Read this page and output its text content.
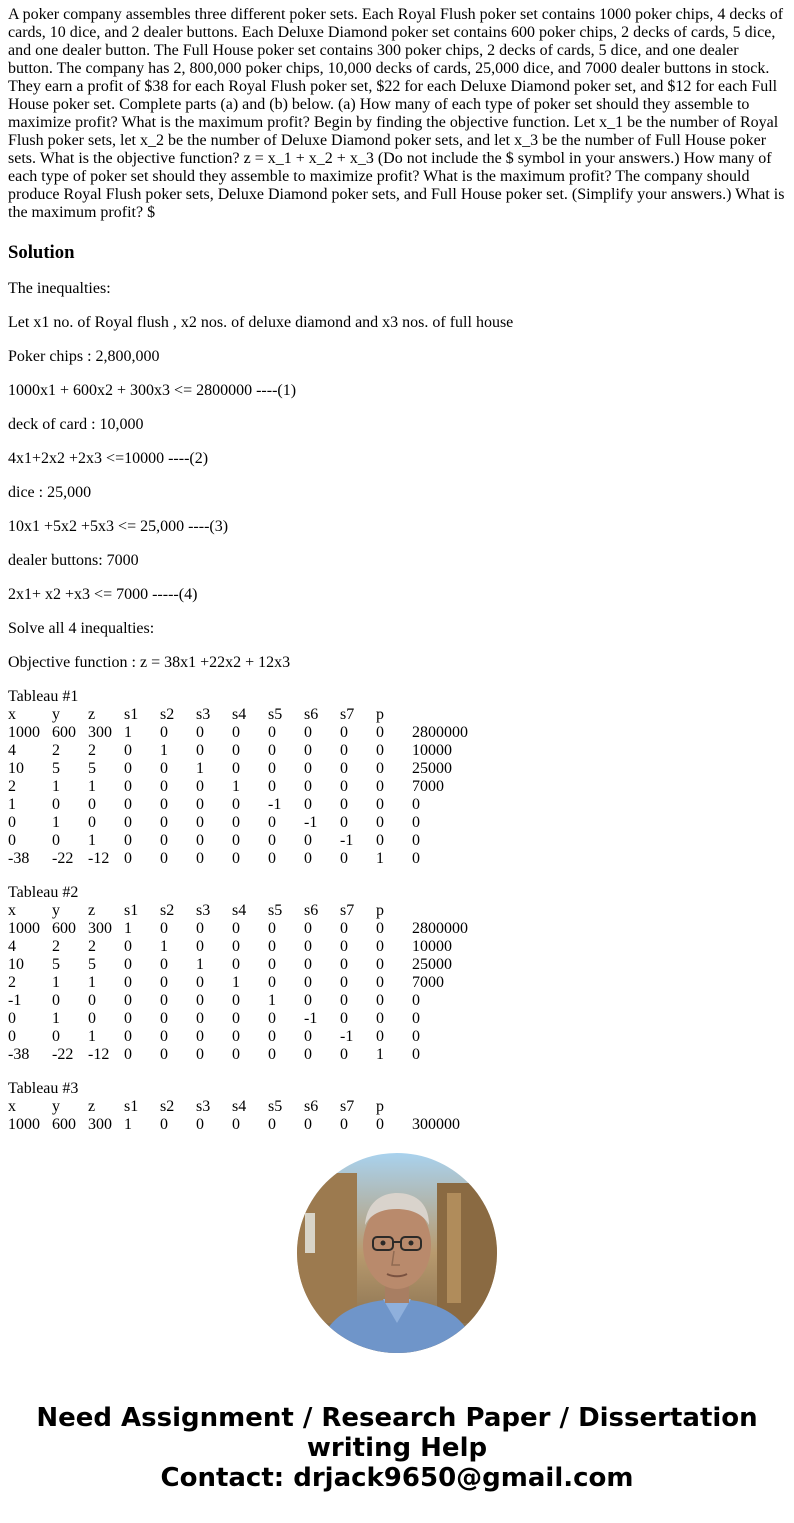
A poker company assembles three different poker sets. Each Royal Flush poker set contains 1000 poker chips, 4 decks of cards, 10 dice, and 2 dealer buttons. Each Deluxe Diamond poker set contains 600 poker chips, 2 decks of cards, 5 dice, and one dealer button. The Full House poker set contains 300 poker chips, 2 decks of cards, 5 dice, and one dealer button. The company has 2, 800,000 poker chips, 10,000 decks of cards, 25,000 dice, and 7000 dealer buttons in stock. They earn a profit of $38 for each Royal Flush poker set, $22 for each Deluxe Diamond poker set, and $12 for each Full House poker set. Complete parts (a) and (b) below. (a) How many of each type of poker set should they assemble to maximize profit? What is the maximum profit? Begin by finding the objective function. Let x_1 be the number of Royal Flush poker sets, let x_2 be the number of Deluxe Diamond poker sets, and let x_3 be the number of Full House poker sets. What is the objective function? z = x_1 + x_2 + x_3 (Do not include the $ symbol in your answers.) How many of each type of poker set should they assemble to maximize profit? What is the maximum profit? The company should produce Royal Flush poker sets, Deluxe Diamond poker sets, and Full House poker set. (Simplify your answers.) What is the maximum profit? $

Solution

The inequalties:

Let x1 no. of Royal flush , x2 nos. of deluxe diamond and x3 nos. of full house

Poker chips : 2,800,000

1000x1 + 600x2 + 300x3 <= 2800000 ----(1)

deck of card : 10,000

4x1+2x2 +2x3 <=10000 ----(2)

dice : 25,000

10x1 +5x2 +5x3 <= 25,000 ----(3)

dealer buttons: 7000

2x1+ x2 +x3 <= 7000 -----(4)

Solve all 4 inequalties:

Objective function : z = 38x1 +22x2 + 12x3

Tableau #1
x y z s1 s2 s3 s4 s5 s6 s7 p
1000 600 300 1 0 0 0 0 0 0 0 2800000
4 2 2 0 1 0 0 0 0 0 0 10000
10 5 5 0 0 1 0 0 0 0 0 25000
2 1 1 0 0 0 1 0 0 0 0 7000
1 0 0 0 0 0 0 -1 0 0 0 0
0 1 0 0 0 0 0 0 -1 0 0 0
0 0 1 0 0 0 0 0 0 -1 0 0
-38 -22 -12 0 0 0 0 0 0 0 1 0
Tableau #2
x y z s1 s2 s3 s4 s5 s6 s7 p
1000 600 300 1 0 0 0 0 0 0 0 2800000
4 2 2 0 1 0 0 0 0 0 0 10000
10 5 5 0 0 1 0 0 0 0 0 25000
2 1 1 0 0 0 1 0 0 0 0 7000
-1 0 0 0 0 0 0 1 0 0 0 0
0 1 0 0 0 0 0 0 -1 0 0 0
0 0 1 0 0 0 0 0 0 -1 0 0
-38 -22 -12 0 0 0 0 0 0 0 1 0
Tableau #3
x y z s1 s2 s3 s4 s5 s6 s7 p
1000 600 300 1 0 0 0 0 0 0 0 300000
Need Assignment / Research Paper / Dissertation
writing Help
Contact: drjack9650@gmail.com
